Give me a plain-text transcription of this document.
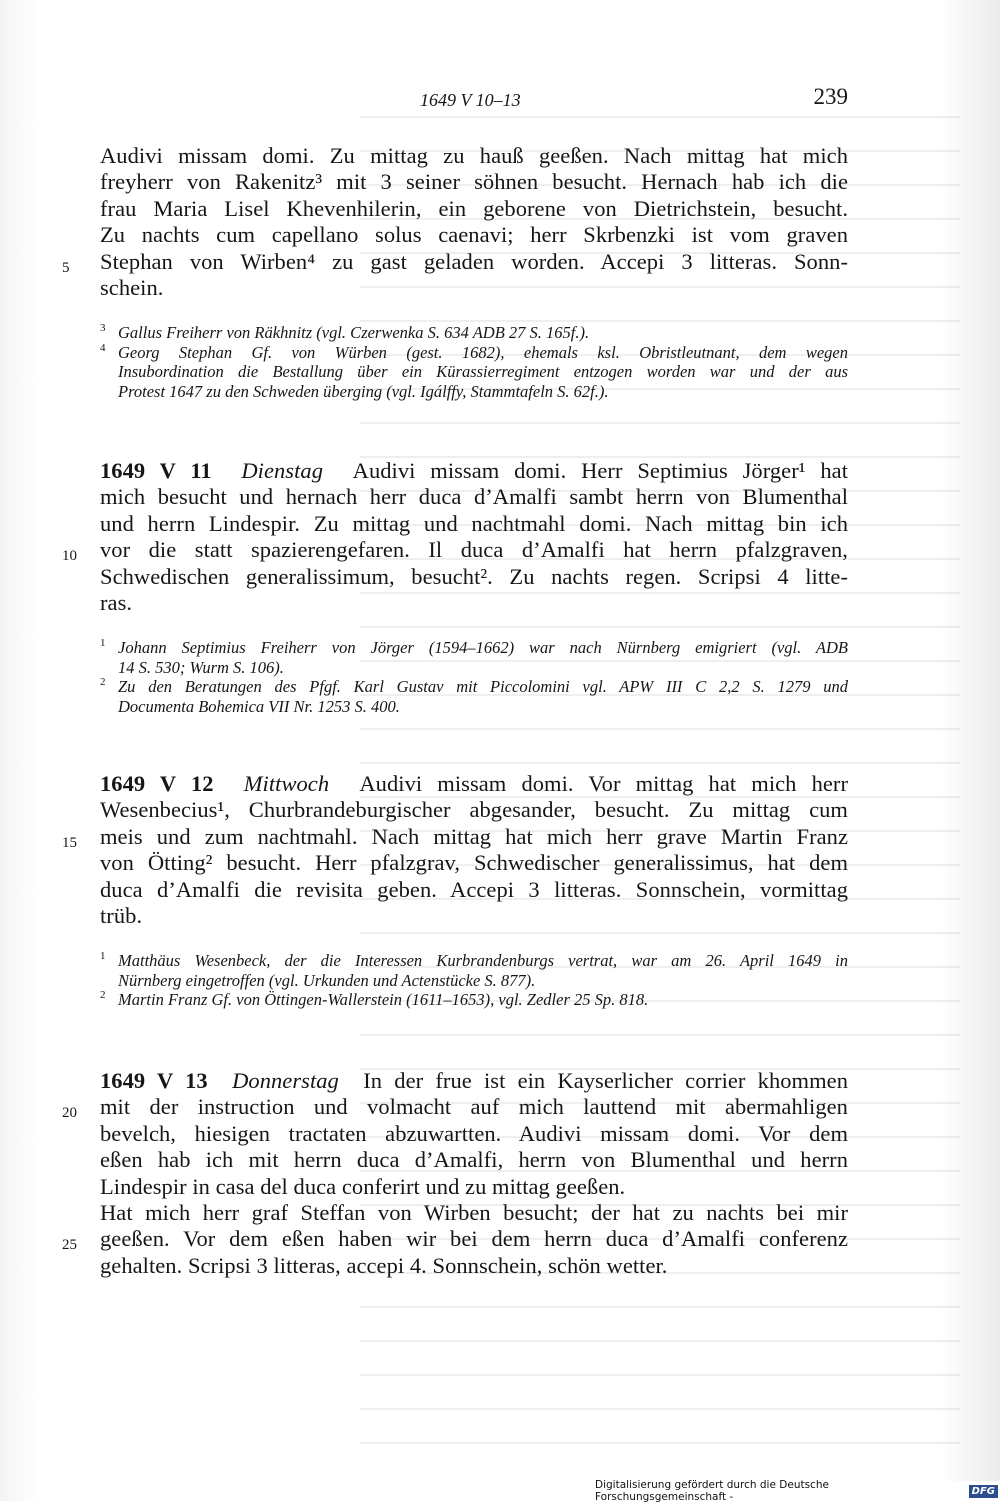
1649 V 10–13	239

Audivi missam domi. Zu mittag zu hauß geeßen. Nach mittag hat mich
freyherr von Rakenitz³ mit 3 seiner söhnen besucht. Hernach hab ich die
frau Maria Lisel Khevenhilerin, ein geborene von Dietrichstein, besucht.
Zu nachts cum capellano solus caenavi; herr Skrbenzki ist vom graven
5 Stephan von Wirben⁴ zu gast geladen worden. Accepi 3 litteras. Sonn-
schein.

3 Gallus Freiherr von Räkhnitz (vgl. Czerwenka S. 634 ADB 27 S. 165f.).
4 Georg Stephan Gf. von Würben (gest. 1682), ehemals ksl. Obristleutnant, dem wegen
Insubordination die Bestallung über ein Kürassierregiment entzogen worden war und der aus
Protest 1647 zu den Schweden überging (vgl. Igálffy, Stammtafeln S. 62f.).

1649 V 11 Dienstag Audivi missam domi. Herr Septimius Jörger¹ hat
mich besucht und hernach herr duca d’Amalfi sambt herrn von Blumenthal
und herrn Lindespir. Zu mittag und nachtmahl domi. Nach mittag bin ich
10 vor die statt spazierengefaren. Il duca d’Amalfi hat herrn pfalzgraven,
Schwedischen generalissimum, besucht². Zu nachts regen. Scripsi 4 litte-
ras.

1 Johann Septimius Freiherr von Jörger (1594–1662) war nach Nürnberg emigriert (vgl. ADB
14 S. 530; Wurm S. 106).
2 Zu den Beratungen des Pfgf. Karl Gustav mit Piccolomini vgl. APW III C 2,2 S. 1279 und
Documenta Bohemica VII Nr. 1253 S. 400.

1649 V 12 Mittwoch Audivi missam domi. Vor mittag hat mich herr
Wesenbecius¹, Churbrandeburgischer abgesander, besucht. Zu mittag cum
15 meis und zum nachtmahl. Nach mittag hat mich herr grave Martin Franz
von Ötting² besucht. Herr pfalzgrav, Schwedischer generalissimus, hat dem
duca d’Amalfi die revisita geben. Accepi 3 litteras. Sonnschein, vormittag
trüb.

1 Matthäus Wesenbeck, der die Interessen Kurbrandenburgs vertrat, war am 26. April 1649 in
Nürnberg eingetroffen (vgl. Urkunden und Actenstücke S. 877).
2 Martin Franz Gf. von Öttingen-Wallerstein (1611–1653), vgl. Zedler 25 Sp. 818.

1649 V 13 Donnerstag In der frue ist ein Kayserlicher corrier khommen
20 mit der instruction und volmacht auf mich lauttend mit abermahligen
bevelch, hiesigen tractaten abzuwartten. Audivi missam domi. Vor dem
eßen hab ich mit herrn duca d’Amalfi, herrn von Blumenthal und herrn
Lindespir in casa del duca conferirt und zu mittag geeßen.
Hat mich herr graf Steffan von Wirben besucht; der hat zu nachts bei mir
25 geeßen. Vor dem eßen haben wir bei dem herrn duca d’Amalfi conferenz
gehalten. Scripsi 3 litteras, accepi 4. Sonnschein, schön wetter.

Digitalisierung gefördert durch die Deutsche Forschungsgemeinschaft -	DFG
